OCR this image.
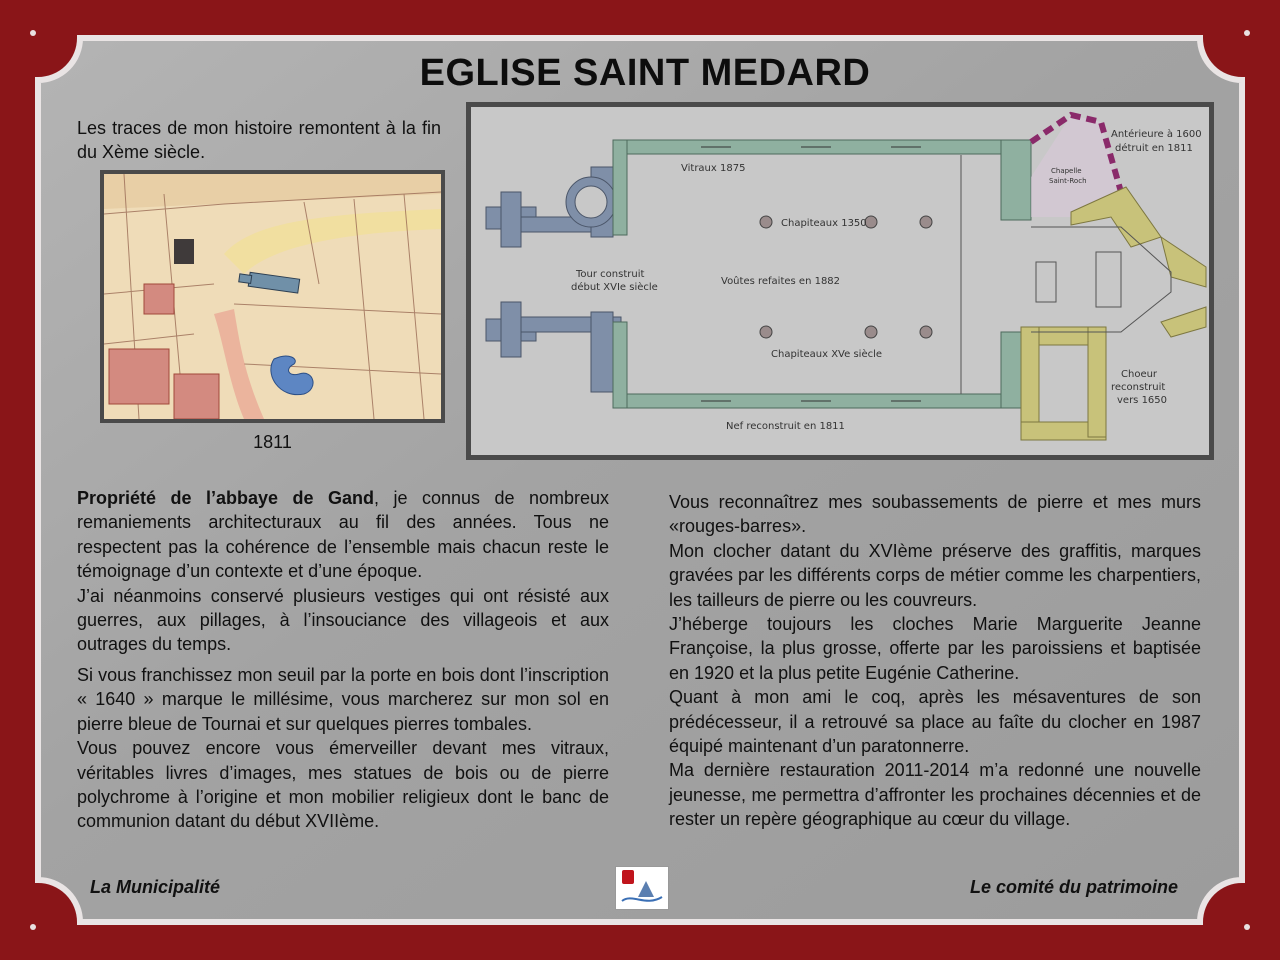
EGLISE SAINT MEDARD
Les traces de mon histoire remontent à la fin du Xème siècle.
1811
Vitraux 1875
Antérieure à 1600
détruit en 1811
Chapelle
Saint-Roch
Chapiteaux 1350
Tour construit
début XVIe siècle
Voûtes refaites en 1882
Chapiteaux XVe siècle
Choeur
reconstruit
vers 1650
Nef reconstruit en 1811

Propriété de l’abbaye de Gand, je connus de nombreux remaniements architecturaux au fil des années. Tous ne respectent pas la cohérence de l’ensemble mais chacun reste le témoignage d’un contexte et d’une époque.

J’ai néanmoins conservé plusieurs vestiges qui ont résisté aux guerres, aux pillages, à l’insouciance des villageois et aux outrages du temps.

Si vous franchissez mon seuil par la porte en bois dont l’inscription « 1640 » marque le millésime, vous marcherez sur mon sol en pierre bleue de Tournai et sur quelques pierres tombales.

Vous pouvez encore vous émerveiller devant mes vitraux, véritables livres d’images, mes statues de bois ou de pierre polychrome à l’origine et mon mobilier religieux dont le banc de communion datant du début XVIIème.

Vous reconnaîtrez mes soubassements de pierre et mes murs «rouges-barres».

Mon clocher datant du XVIème préserve des graffitis, marques gravées par les différents corps de métier comme les charpentiers, les tailleurs de pierre ou les couvreurs.

J’héberge toujours les cloches Marie Marguerite Jeanne Françoise, la plus grosse, offerte par les paroissiens et baptisée en 1920 et la plus petite Eugénie Catherine.

Quant à mon ami le coq, après les mésaventures de son prédécesseur, il a retrouvé sa place au faîte du clocher en 1987 équipé maintenant d’un paratonnerre.

Ma dernière restauration 2011-2014 m’a redonné une nouvelle jeunesse, me permettra d’affronter les prochaines décennies et de rester un repère géographique au cœur du village.

La Municipalité	Le comité du patrimoine
